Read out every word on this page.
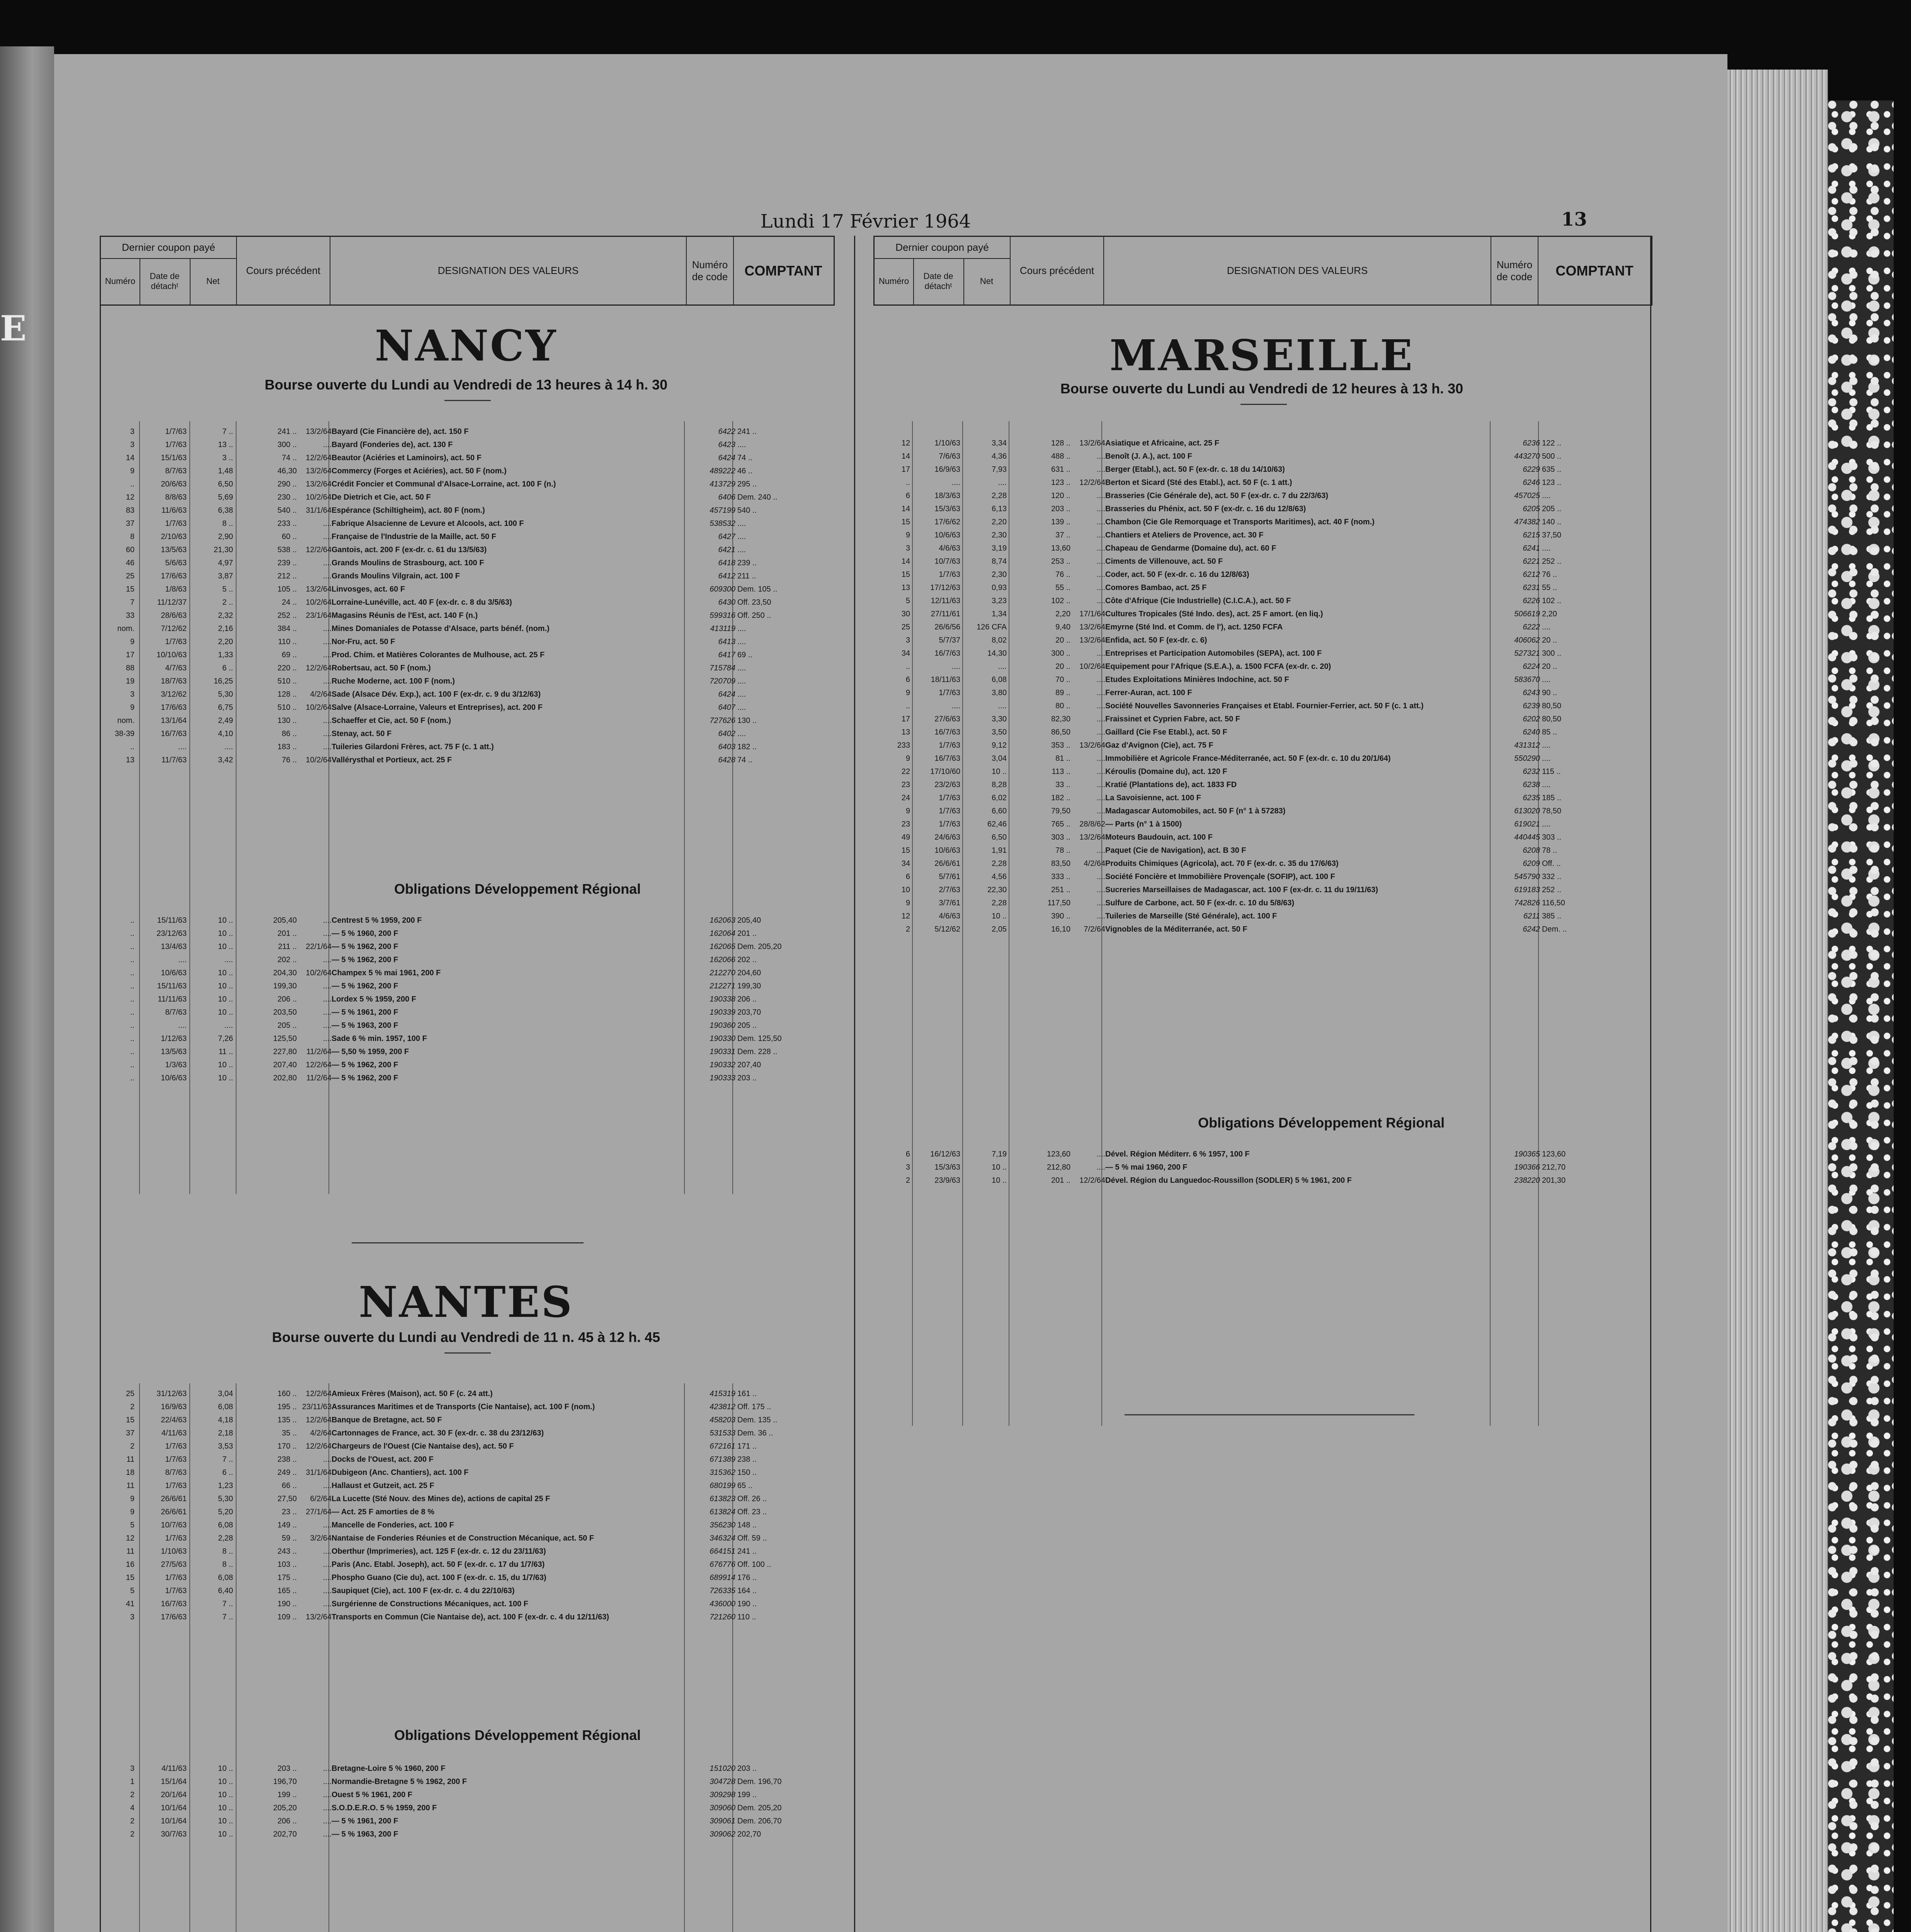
E
Lundi 17 Février 1964	13
Dernier coupon payé
Numéro
Date de détachᵗ
Net
Cours précédent	DESIGNATION DES VALEURS
Numéro de code	COMPTANT
Dernier coupon payé
Numéro
Date de détachᵗ
Net
Cours précédent	DESIGNATION DES VALEURS
Numéro de code	COMPTANT
NANCY
Bourse ouverte du Lundi au Vendredi de 13 heures à 14 h. 30
3	1/7/63	7 ..	241 ..	13/2/64 Bayard (Cie Financière de), act. 150 F	6422 241 ..
3	1/7/63	13 ..	300 ..	.... Bayard (Fonderies de), act. 130 F	6423 ....
14	15/1/63	3 ..	74 ..	12/2/64 Beautor (Aciéries et Laminoirs), act. 50 F	6424 74 ..
9	8/7/63	1,48	46,30	13/2/64 Commercy (Forges et Aciéries), act. 50 F (nom.)	489222 46 ..
..	20/6/63	6,50	290 ..	13/2/64 Crédit Foncier et Communal d'Alsace-Lorraine, act. 100 F (n.)	413729 295 ..
12	8/8/63	5,69	230 ..	10/2/64 De Dietrich et Cie, act. 50 F	6406 Dem. 240 ..
83	11/6/63	6,38	540 ..	31/1/64 Espérance (Schiltigheim), act. 80 F (nom.)	457199 540 ..
37	1/7/63	8 ..	233 ..	.... Fabrique Alsacienne de Levure et Alcools, act. 100 F	538532 ....
8	2/10/63	2,90	60 ..	.... Française de l'Industrie de la Maille, act. 50 F	6427 ....
60	13/5/63	21,30	538 ..	12/2/64 Gantois, act. 200 F (ex-dr. c. 61 du 13/5/63)	6421 ....
46	5/6/63	4,97	239 ..	.... Grands Moulins de Strasbourg, act. 100 F	6418 239 ..
25	17/6/63	3,87	212 ..	.... Grands Moulins Vilgrain, act. 100 F	6412 211 ..
15	1/8/63	5 ..	105 ..	13/2/64 Linvosges, act. 60 F	609300 Dem. 105 ..
7	11/12/37	2 ..	24 ..	10/2/64 Lorraine-Lunéville, act. 40 F (ex-dr. c. 8 du 3/5/63)	6430 Off. 23,50
33	28/6/63	2,32	252 ..	23/1/64 Magasins Réunis de l'Est, act. 140 F (n.)	599316 Off. 250 ..
nom.	7/12/62	2,16	384 ..	.... Mines Domaniales de Potasse d'Alsace, parts bénéf. (nom.)	413119 ....
9	1/7/63	2,20	110 ..	.... Nor-Fru, act. 50 F	6413 ....
17	10/10/63	1,33	69 ..	.... Prod. Chim. et Matières Colorantes de Mulhouse, act. 25 F	6417 69 ..
88	4/7/63	6 ..	220 ..	12/2/64 Robertsau, act. 50 F (nom.)	715784 ....
19	18/7/63	16,25	510 ..	.... Ruche Moderne, act. 100 F (nom.)	720709 ....
3	3/12/62	5,30	128 ..	4/2/64 Sade (Alsace Dév. Exp.), act. 100 F (ex-dr. c. 9 du 3/12/63)	6424 ....
9	17/6/63	6,75	510 ..	10/2/64 Salve (Alsace-Lorraine, Valeurs et Entreprises), act. 200 F	6407 ....
nom.	13/1/64	2,49	130 ..	.... Schaeffer et Cie, act. 50 F (nom.)	727626 130 ..
38-39	16/7/63	4,10	86 ..	.... Stenay, act. 50 F	6402 ....
..	....	....	183 ..	.... Tuileries Gilardoni Frères, act. 75 F (c. 1 att.)	6403 182 ..
13	11/7/63	3,42	76 ..	10/2/64 Vallérysthal et Portieux, act. 25 F	6428 74 ..
Obligations Développement Régional
..	15/11/63	10 ..	205,40	.... Centrest 5 % 1959, 200 F	162063 205,40
..	23/12/63	10 ..	201 ..	.... — 5 % 1960, 200 F	162064 201 ..
..	13/4/63	10 ..	211 ..	22/1/64 — 5 % 1962, 200 F	162065 Dem. 205,20
..	....	....	202 ..	.... — 5 % 1962, 200 F	162066 202 ..
..	10/6/63	10 ..	204,30	10/2/64 Champex 5 % mai 1961, 200 F	212270 204,60
..	15/11/63	10 ..	199,30	.... — 5 % 1962, 200 F	212271 199,30
..	11/11/63	10 ..	206 ..	.... Lordex 5 % 1959, 200 F	190338 206 ..
..	8/7/63	10 ..	203,50	.... — 5 % 1961, 200 F	190339 203,70
..	....	....	205 ..	.... — 5 % 1963, 200 F	190360 205 ..
..	1/12/63	7,26	125,50	.... Sade 6 % min. 1957, 100 F	190330 Dem. 125,50
..	13/5/63	11 ..	227,80	11/2/64 — 5,50 % 1959, 200 F	190331 Dem. 228 ..
..	1/3/63	10 ..	207,40	12/2/64 — 5 % 1962, 200 F	190332 207,40
..	10/6/63	10 ..	202,80	11/2/64 — 5 % 1962, 200 F	190333 203 ..
NANTES
Bourse ouverte du Lundi au Vendredi de 11 n. 45 à 12 h. 45
25	31/12/63	3,04	160 ..	12/2/64 Amieux Frères (Maison), act. 50 F (c. 24 att.)	415319 161 ..
2	16/9/63	6,08	195 .. 23/11/63 Assurances Maritimes et de Transports (Cie Nantaise), act. 100 F (nom.)	423812 Off. 175 ..
15	22/4/63	4,18	135 ..	12/2/64 Banque de Bretagne, act. 50 F	458203 Dem. 135 ..
37	4/11/63	2,18	35 ..	4/2/64 Cartonnages de France, act. 30 F (ex-dr. c. 38 du 23/12/63)	531533 Dem. 36 ..
2	1/7/63	3,53	170 ..	12/2/64 Chargeurs de l'Ouest (Cie Nantaise des), act. 50 F	672161 171 ..
11	1/7/63	7 ..	238 ..	.... Docks de l'Ouest, act. 200 F	671389 238 ..
18	8/7/63	6 ..	249 ..	31/1/64 Dubigeon (Anc. Chantiers), act. 100 F	315362 150 ..
11	1/7/63	1,23	66 ..	.... Hallaust et Gutzeit, act. 25 F	680199 65 ..
9	26/6/61	5,30	27,50	6/2/64 La Lucette (Sté Nouv. des Mines de), actions de capital 25 F	613823 Off. 26 ..
9	26/6/61	5,20	23 ..	27/1/64 — Act. 25 F amorties de 8 %	613824 Off. 23 ..
5	10/7/63	6,08	149 ..	.... Mancelle de Fonderies, act. 100 F	356230 148 ..
12	1/7/63	2,28	59 ..	3/2/64 Nantaise de Fonderies Réunies et de Construction Mécanique, act. 50 F	346324 Off. 59 ..
11	1/10/63	8 ..	243 ..	.... Oberthur (Imprimeries), act. 125 F (ex-dr. c. 12 du 23/11/63)	664151 241 ..
16	27/5/63	8 ..	103 ..	.... Paris (Anc. Etabl. Joseph), act. 50 F (ex-dr. c. 17 du 1/7/63)	676776 Off. 100 ..
15	1/7/63	6,08	175 ..	.... Phospho Guano (Cie du), act. 100 F (ex-dr. c. 15, du 1/7/63)	689914 176 ..
5	1/7/63	6,40	165 ..	.... Saupiquet (Cie), act. 100 F (ex-dr. c. 4 du 22/10/63)	726335 164 ..
41	16/7/63	7 ..	190 ..	.... Surgérienne de Constructions Mécaniques, act. 100 F	436000 190 ..
3	17/6/63	7 ..	109 ..	13/2/64 Transports en Commun (Cie Nantaise de), act. 100 F (ex-dr. c. 4 du 12/11/63)	721260 110 ..
Obligations Développement Régional
3	4/11/63	10 ..	203 ..	.... Bretagne-Loire 5 % 1960, 200 F	151020 203 ..
1	15/1/64	10 ..	196,70	.... Normandie-Bretagne 5 % 1962, 200 F	304728 Dem. 196,70
2	20/1/64	10 ..	199 ..	.... Ouest 5 % 1961, 200 F	309298 199 ..
4	10/1/64	10 ..	205,20	.... S.O.D.E.R.O. 5 % 1959, 200 F	309060 Dem. 205,20
2	10/1/64	10 ..	206 ..	.... — 5 % 1961, 200 F	309061 Dem. 206,70
2	30/7/63	10 ..	202,70	.... — 5 % 1963, 200 F	309062 202,70
MARSEILLE
Bourse ouverte du Lundi au Vendredi de 12 heures à 13 h. 30
12	1/10/63	3,34	128 ..	13/2/64 Asiatique et Africaine, act. 25 F	6236 122 ..
14	7/6/63	4,36	488 ..	.... Benoît (J. A.), act. 100 F	443270 500 ..
17	16/9/63	7,93	631 ..	.... Berger (Etabl.), act. 50 F (ex-dr. c. 18 du 14/10/63)	6229 635 ..
..	....	....	123 ..	12/2/64 Berton et Sicard (Sté des Etabl.), act. 50 F (c. 1 att.)	6246 123 ..
6	18/3/63	2,28	120 ..	.... Brasseries (Cie Générale de), act. 50 F (ex-dr. c. 7 du 22/3/63)	457025 ....
14	15/3/63	6,13	203 ..	.... Brasseries du Phénix, act. 50 F (ex-dr. c. 16 du 12/8/63)	6205 205 ..
15	17/6/62	2,20	139 ..	.... Chambon (Cie Gle Remorquage et Transports Maritimes), act. 40 F (nom.)	474382 140 ..
9	10/6/63	2,30	37 ..	.... Chantiers et Ateliers de Provence, act. 30 F	6215 37,50
3	4/6/63	3,19	13,60	.... Chapeau de Gendarme (Domaine du), act. 60 F	6241 ....
14	10/7/63	8,74	253 ..	.... Ciments de Villenouve, act. 50 F	6221 252 ..
15	1/7/63	2,30	76 ..	.... Coder, act. 50 F (ex-dr. c. 16 du 12/8/63)	6212 76 ..
13	17/12/63	0,93	55 ..	.... Comores Bambao, act. 25 F	6231 55 ..
5	12/11/63	3,23	102 ..	.... Côte d'Afrique (Cie Industrielle) (C.I.C.A.), act. 50 F	6226 102 ..
30	27/11/61	1,34	2,20	17/1/64 Cultures Tropicales (Sté Indo. des), act. 25 F amort. (en liq.)	506619 2,20
25	26/6/56	126 CFA	9,40	13/2/64 Emyrne (Sté Ind. et Comm. de l'), act. 1250 FCFA	6222 ....
3	5/7/37	8,02	20 ..	13/2/64 Enfida, act. 50 F (ex-dr. c. 6)	406062 20 ..
34	16/7/63	14,30	300 ..	.... Entreprises et Participation Automobiles (SEPA), act. 100 F	527321 300 ..
..	....	....	20 ..	10/2/64 Equipement pour l'Afrique (S.E.A.), a. 1500 FCFA (ex-dr. c. 20)	6224 20 ..
6	18/11/63	6,08	70 ..	.... Etudes Exploitations Minières Indochine, act. 50 F	583670 ....
9	1/7/63	3,80	89 ..	.... Ferrer-Auran, act. 100 F	6243 90 ..
..	....	....	80 ..	.... Société Nouvelles Savonneries Françaises et Etabl. Fournier-Ferrier, act. 50 F (c. 1 att.)	6239 80,50
17	27/6/63	3,30	82,30	.... Fraissinet et Cyprien Fabre, act. 50 F	6202 80,50
13	16/7/63	3,50	86,50	.... Gaillard (Cie Fse Etabl.), act. 50 F	6240 85 ..
233	1/7/63	9,12	353 ..	13/2/64 Gaz d'Avignon (Cie), act. 75 F	431312 ....
9	16/7/63	3,04	81 ..	.... Immobilière et Agricole France-Méditerranée, act. 50 F (ex-dr. c. 10 du 20/1/64)	550290 ....
22	17/10/60	10 ..	113 ..	.... Kéroulis (Domaine du), act. 120 F	6232 115 ..
23	23/2/63	8,28	33 ..	.... Kratié (Plantations de), act. 1833 FD	6238 ....
24	1/7/63	6,02	182 ..	.... La Savoisienne, act. 100 F	6235 185 ..
9	1/7/63	6,60	79,50	.... Madagascar Automobiles, act. 50 F (n° 1 à 57283)	613020 78,50
23	1/7/63	62,46	765 ..	28/8/62 — Parts (n° 1 à 1500)	619021 ....
49	24/6/63	6,50	303 ..	13/2/64 Moteurs Baudouin, act. 100 F	440445 303 ..
15	10/6/63	1,91	78 ..	.... Paquet (Cie de Navigation), act. B 30 F	6208 78 ..
34	26/6/61	2,28	83,50	4/2/64 Produits Chimiques (Agricola), act. 70 F (ex-dr. c. 35 du 17/6/63)	6209 Off. ..
6	5/7/61	4,56	333 ..	.... Société Foncière et Immobilière Provençale (SOFIP), act. 100 F	545790 332 ..
10	2/7/63	22,30	251 ..	.... Sucreries Marseillaises de Madagascar, act. 100 F (ex-dr. c. 11 du 19/11/63)	619183 252 ..
9	3/7/61	2,28	117,50	.... Sulfure de Carbone, act. 50 F (ex-dr. c. 10 du 5/8/63)	742826 116,50
12	4/6/63	10 ..	390 ..	.... Tuileries de Marseille (Sté Générale), act. 100 F	6211 385 ..
2	5/12/62	2,05	16,10	7/2/64 Vignobles de la Méditerranée, act. 50 F	6242 Dem. ..
Obligations Développement Régional
6	16/12/63	7,19	123,60	.... Dével. Région Méditerr. 6 % 1957, 100 F	190365 123,60
3	15/3/63	10 ..	212,80	.... — 5 % mai 1960, 200 F	190366 212,70
2	23/9/63	10 ..	201 ..	12/2/64 Dével. Région du Languedoc-Roussillon (SODLER) 5 % 1961, 200 F	238220 201,30
